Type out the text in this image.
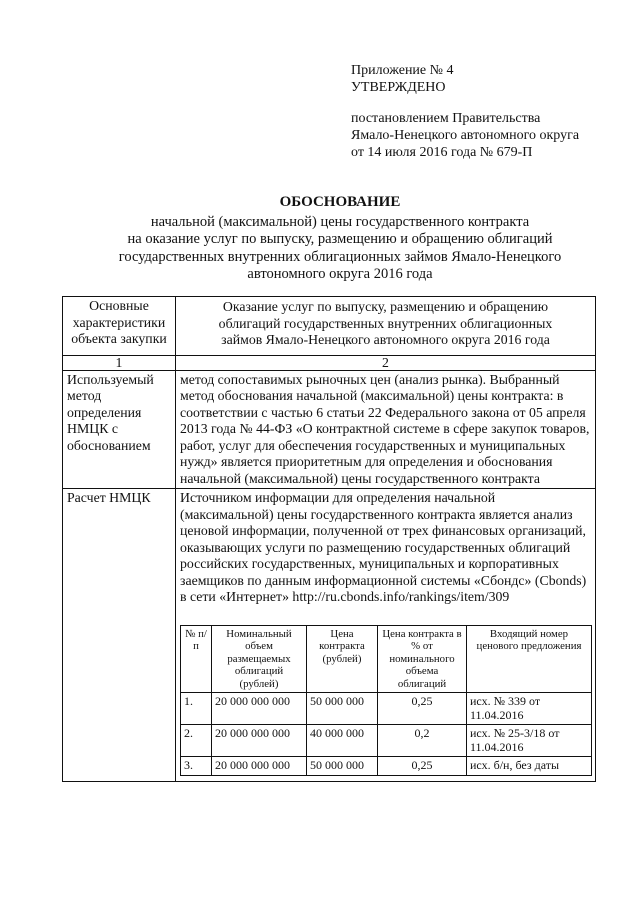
Приложение № 4
УТВЕРЖДЕНО
постановлением Правительства
Ямало-Ненецкого автономного округа
от 14 июля 2016 года № 679-П
ОБОСНОВАНИЕ
начальной (максимальной) цены государственного контракта
на оказание услуг по выпуску, размещению и обращению облигаций
государственных внутренних облигационных займов Ямало-Ненецкого
автономного округа 2016 года
Основные характеристики объекта закупки	Оказание услуг по выпуску, размещению и обращению облигаций государственных внутренних облигационных займов Ямало-Ненецкого автономного округа 2016 года
1	2
Используемый метод определения НМЦК с обоснованием	метод сопоставимых рыночных цен (анализ рынка). Выбранный метод обоснования начальной (максимальной) цены контракта: в соответствии с частью 6 статьи 22 Федерального закона от 05 апреля 2013 года № 44-ФЗ «О контрактной системе в сфере закупок товаров, работ, услуг для обеспечения государственных и муниципальных нужд» является приоритетным для определения и обоснования начальной (максимальной) цены государственного контракта
Расчет НМЦК	Источником информации для определения начальной (максимальной) цены государственного контракта является анализ ценовой информации, полученной от трех финансовых организаций, оказывающих услуги по размещению государственных облигаций российских государственных, муниципальных и корпоративных заемщиков по данным информационной системы «Сбондс» (Cbonds) в сети «Интернет» http://ru.cbonds.info/rankings/item/309
№ п/п	Номинальный объем размещаемых облигаций (рублей)	Цена контракта (рублей)	Цена контракта в % от номинального объема облигаций	Входящий номер ценового предложения
1.	20 000 000 000	50 000 000	0,25	исх. № 339 от 11.04.2016
2.	20 000 000 000	40 000 000	0,2	исх. № 25-3/18 от 11.04.2016
3.	20 000 000 000	50 000 000	0,25	исх. б/н, без даты
